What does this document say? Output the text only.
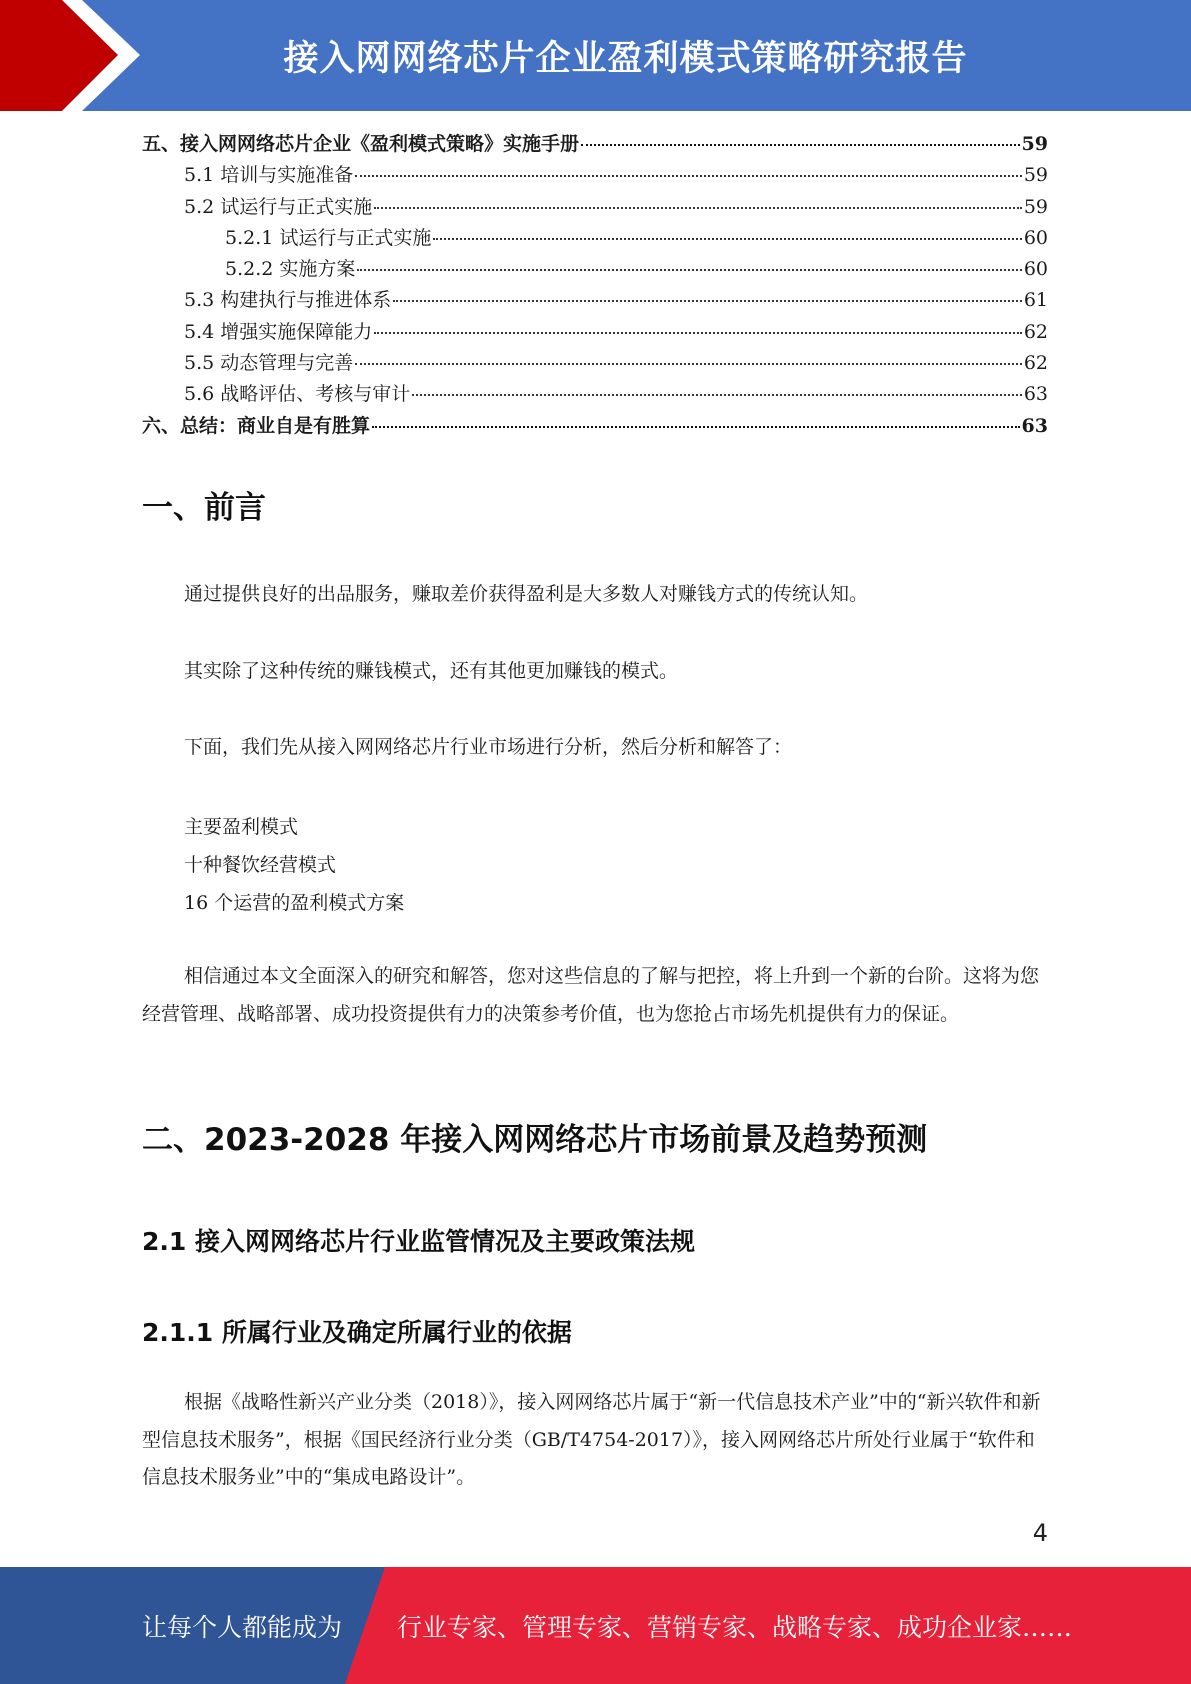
接入网网络芯片企业盈利模式策略研究报告
五、接入网网络芯片企业《盈利模式策略》实施手册	59
5.1 培训与实施准备	59
5.2 试运行与正式实施	59
5.2.1 试运行与正式实施	60
5.2.2 实施方案	60
5.3 构建执行与推进体系	61
5.4 增强实施保障能力	62
5.5 动态管理与完善	62
5.6 战略评估、考核与审计	63
六、总结：商业自是有胜算	63
一、前言
通过提供良好的出品服务，赚取差价获得盈利是大多数人对赚钱方式的传统认知。
其实除了这种传统的赚钱模式，还有其他更加赚钱的模式。
下面，我们先从接入网网络芯片行业市场进行分析，然后分析和解答了：
主要盈利模式
十种餐饮经营模式
16 个运营的盈利模式方案
相信通过本文全面深入的研究和解答，您对这些信息的了解与把控，将上升到一个新的台阶。这将为您经营管理、战略部署、成功投资提供有力的决策参考价值，也为您抢占市场先机提供有力的保证。
二、2023-2028 年接入网网络芯片市场前景及趋势预测
2.1 接入网网络芯片行业监管情况及主要政策法规
2.1.1 所属行业及确定所属行业的依据
根据《战略性新兴产业分类（2018）》，接入网网络芯片属于“新一代信息技术产业”中的“新兴软件和新型信息技术服务”，根据《国民经济行业分类（GB/T4754-2017）》，接入网网络芯片所处行业属于“软件和信息技术服务业”中的“集成电路设计”。
4
让每个人都能成为 行业专家、管理专家、营销专家、战略专家、成功企业家……
